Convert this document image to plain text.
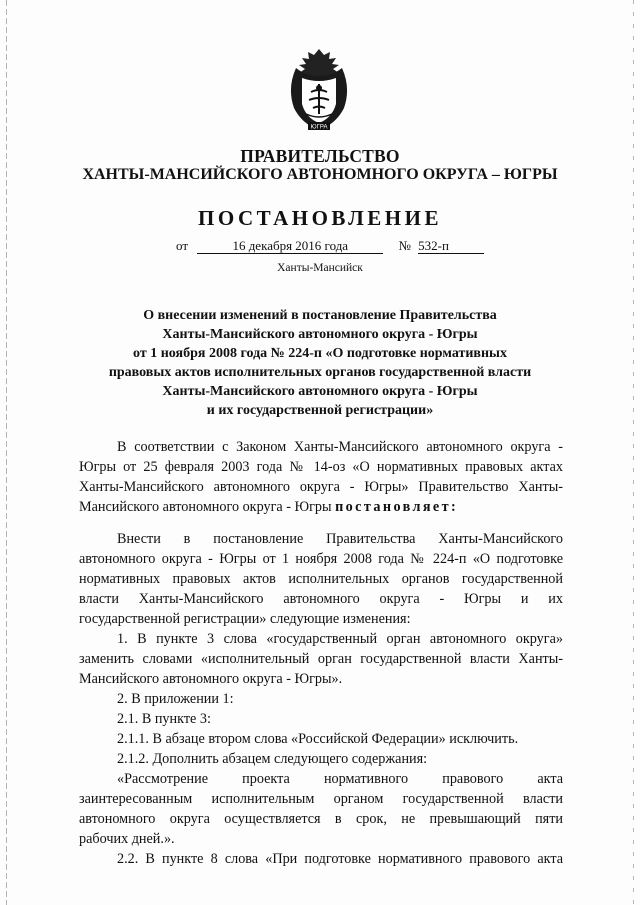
ЮГРА
ПРАВИТЕЛЬСТВО
ХАНТЫ-МАНСИЙСКОГО АВТОНОМНОГО ОКРУГА – ЮГРЫ
ПОСТАНОВЛЕНИЕ
от	16 декабря 2016 года	№ 532-п
Ханты-Мансийск
О внесении изменений в постановление Правительства
Ханты-Мансийского автономного округа - Югры
от 1 ноября 2008 года № 224-п «О подготовке нормативных
правовых актов исполнительных органов государственной власти
Ханты-Мансийского автономного округа - Югры
и их государственной регистрации»
В соответствии с Законом Ханты-Мансийского автономного округа -
Югры от 25 февраля 2003 года № 14-оз «О нормативных правовых актах
Ханты-Мансийского автономного округа - Югры» Правительство Ханты-
Мансийского автономного округа - Югры постановляет:
Внести в постановление Правительства Ханты-Мансийского
автономного округа - Югры от 1 ноября 2008 года № 224-п «О подготовке
нормативных правовых актов исполнительных органов государственной
власти Ханты-Мансийского автономного округа - Югры и их
государственной регистрации» следующие изменения:
1. В пункте 3 слова «государственный орган автономного округа»
заменить словами «исполнительный орган государственной власти Ханты-
Мансийского автономного округа - Югры».
2. В приложении 1:
2.1. В пункте 3:
2.1.1. В абзаце втором слова «Российской Федерации» исключить.
2.1.2. Дополнить абзацем следующего содержания:
«Рассмотрение проекта нормативного правового акта
заинтересованным исполнительным органом государственной власти
автономного округа осуществляется в срок, не превышающий пяти
рабочих дней.».
2.2. В пункте 8 слова «При подготовке нормативного правового акта
